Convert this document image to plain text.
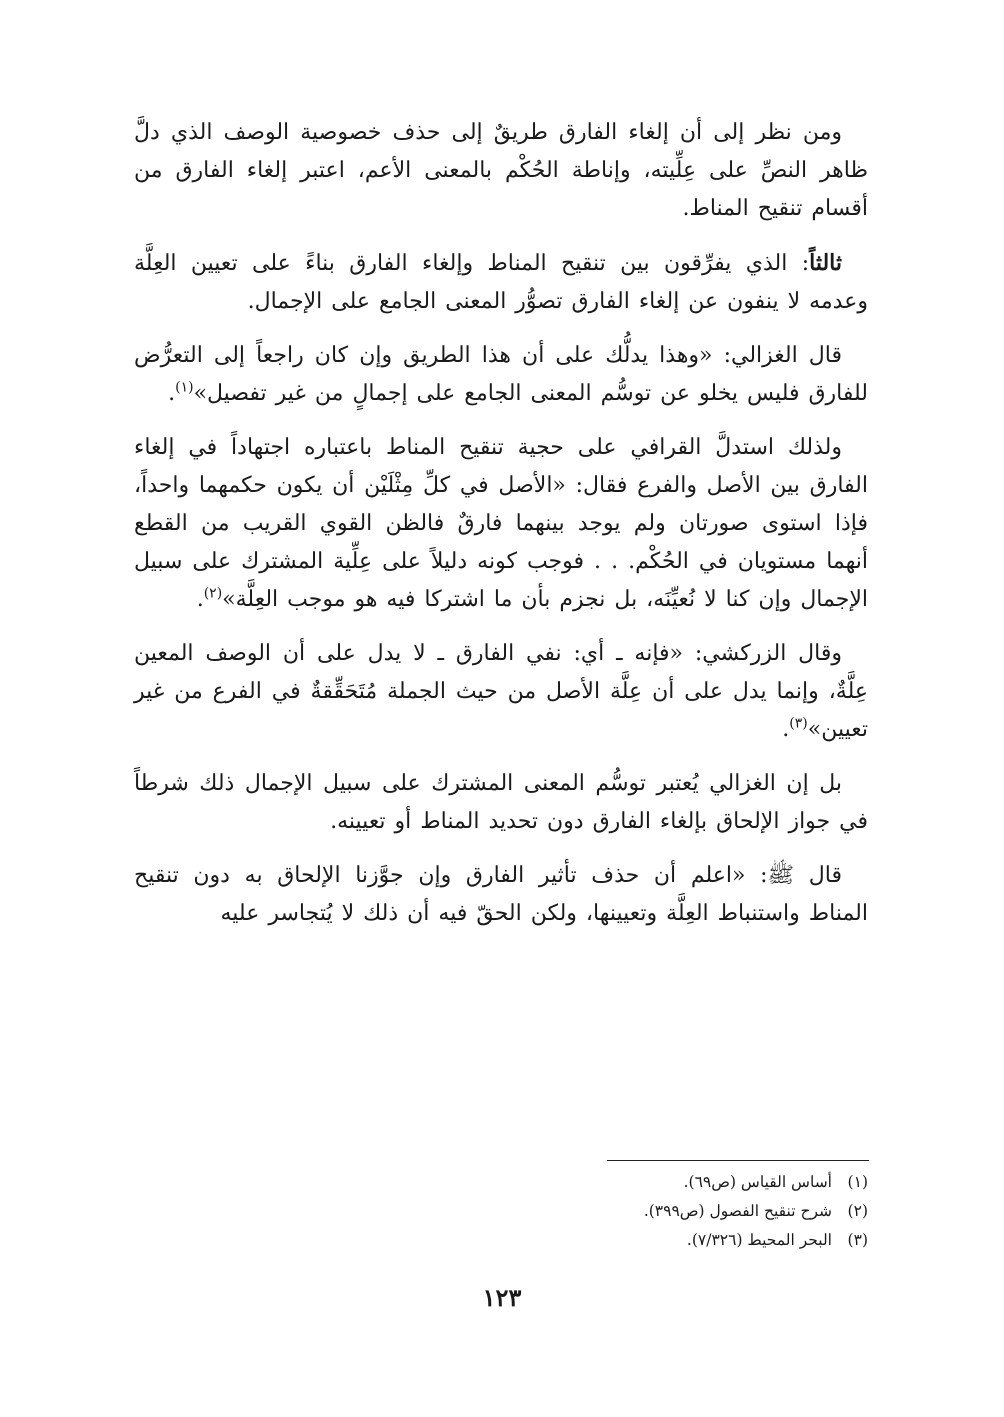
ومن نظر إلى أن إلغاء الفارق طريقٌ إلى حذف خصوصية الوصف الذي دلَّ ظاهر النصِّ على عِلِّيته، وإناطة الحُكْم بالمعنى الأعم، اعتبر إلغاء الفارق من أقسام تنقيح المناط.

ثالثاً: الذي يفرِّقون بين تنقيح المناط وإلغاء الفارق بناءً على تعيين العِلَّة وعدمه لا ينفون عن إلغاء الفارق تصوُّر المعنى الجامع على الإجمال.

قال الغزالي: «وهذا يدلُّك على أن هذا الطريق وإن كان راجعاً إلى التعرُّض للفارق فليس يخلو عن توسُّم المعنى الجامع على إجمالٍ من غير تفصيل»$^{(١)}$.

ولذلك استدلَّ القرافي على حجية تنقيح المناط باعتباره اجتهاداً في إلغاء الفارق بين الأصل والفرع فقال: «الأصل في كلِّ مِثْلَيْن أن يكون حكمهما واحداً، فإذا استوى صورتان ولم يوجد بينهما فارقٌ فالظن القوي القريب من القطع أنهما مستويان في الحُكْم. . . فوجب كونه دليلاً على عِلِّية المشترك على سبيل الإجمال وإن كنا لا نُعيِّنَه، بل نجزم بأن ما اشتركا فيه هو موجب العِلَّة»$^{(٢)}$.

وقال الزركشي: «فإنه ـ أي: نفي الفارق ـ لا يدل على أن الوصف المعين عِلَّةٌ، وإنما يدل على أن عِلَّة الأصل من حيث الجملة مُتَحَقِّقةٌ في الفرع من غير تعيين»$^{(٣)}$.

بل إن الغزالي يُعتبر توسُّم المعنى المشترك على سبيل الإجمال ذلك شرطاً في جواز الإلحاق بإلغاء الفارق دون تحديد المناط أو تعيينه.

قال ﷺ: «اعلم أن حذف تأثير الفارق وإن جوَّزنا الإلحاق به دون تنقيح المناط واستنباط العِلَّة وتعيينها، ولكن الحقّ فيه أن ذلك لا يُتجاسر عليه

(١)أساس القياس (ص٦٩).

(٢)شرح تنقيح الفصول (ص٣٩٩).

(٣)البحر المحيط (٧/٣٢٦).

١٢٣
